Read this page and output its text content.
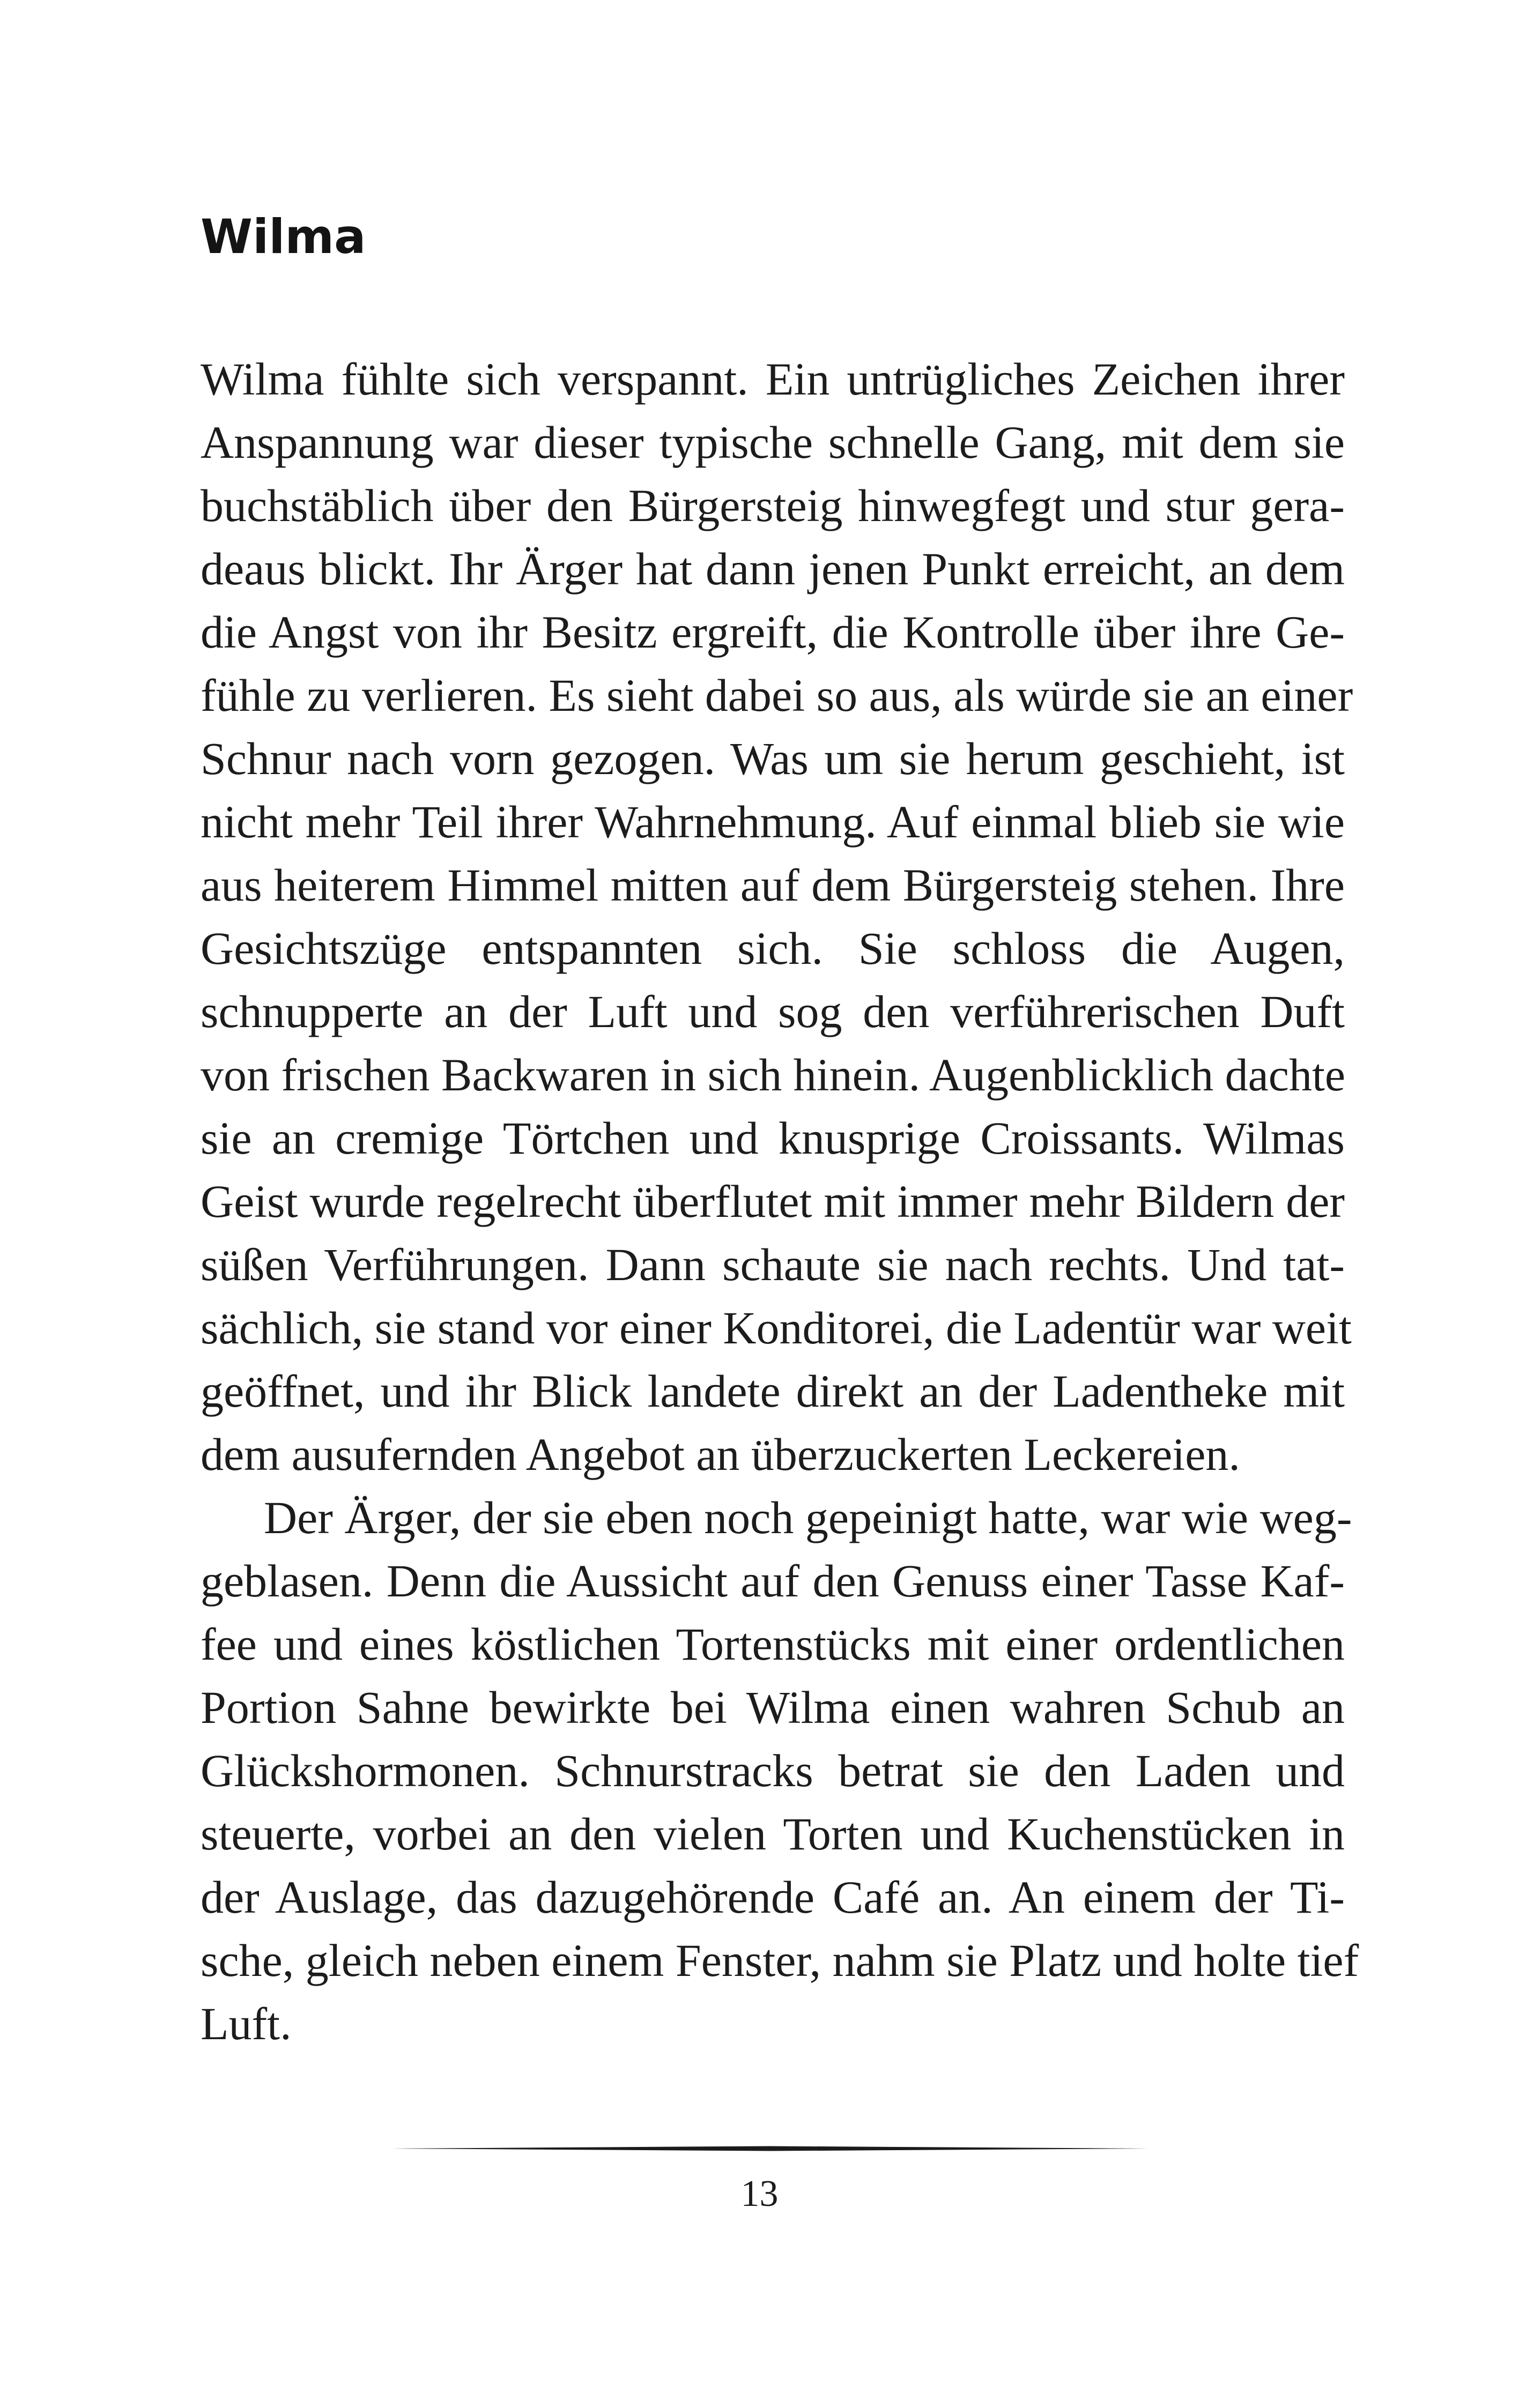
Wilma
Wilma fühlte sich verspannt. Ein untrügliches Zeichen ihrer
Anspannung war dieser typische schnelle Gang, mit dem sie
buchstäblich über den Bürgersteig hinwegfegt und stur gera-
deaus blickt. Ihr Ärger hat dann jenen Punkt erreicht, an dem
die Angst von ihr Besitz ergreift, die Kontrolle über ihre Ge-
fühle zu verlieren. Es sieht dabei so aus, als würde sie an einer
Schnur nach vorn gezogen. Was um sie herum geschieht, ist
nicht mehr Teil ihrer Wahrnehmung. Auf einmal blieb sie wie
aus heiterem Himmel mitten auf dem Bürgersteig stehen. Ihre
Gesichtszüge entspannten sich. Sie schloss die Augen,
schnupperte an der Luft und sog den verführerischen Duft
von frischen Backwaren in sich hinein. Augenblicklich dachte
sie an cremige Törtchen und knusprige Croissants. Wilmas
Geist wurde regelrecht überflutet mit immer mehr Bildern der
süßen Verführungen. Dann schaute sie nach rechts. Und tat-
sächlich, sie stand vor einer Konditorei, die Ladentür war weit
geöffnet, und ihr Blick landete direkt an der Ladentheke mit
dem ausufernden Angebot an überzuckerten Leckereien.
Der Ärger, der sie eben noch gepeinigt hatte, war wie weg-
geblasen. Denn die Aussicht auf den Genuss einer Tasse Kaf-
fee und eines köstlichen Tortenstücks mit einer ordentlichen
Portion Sahne bewirkte bei Wilma einen wahren Schub an
Glückshormonen. Schnurstracks betrat sie den Laden und
steuerte, vorbei an den vielen Torten und Kuchenstücken in
der Auslage, das dazugehörende Café an. An einem der Ti-
sche, gleich neben einem Fenster, nahm sie Platz und holte tief
Luft.
13
